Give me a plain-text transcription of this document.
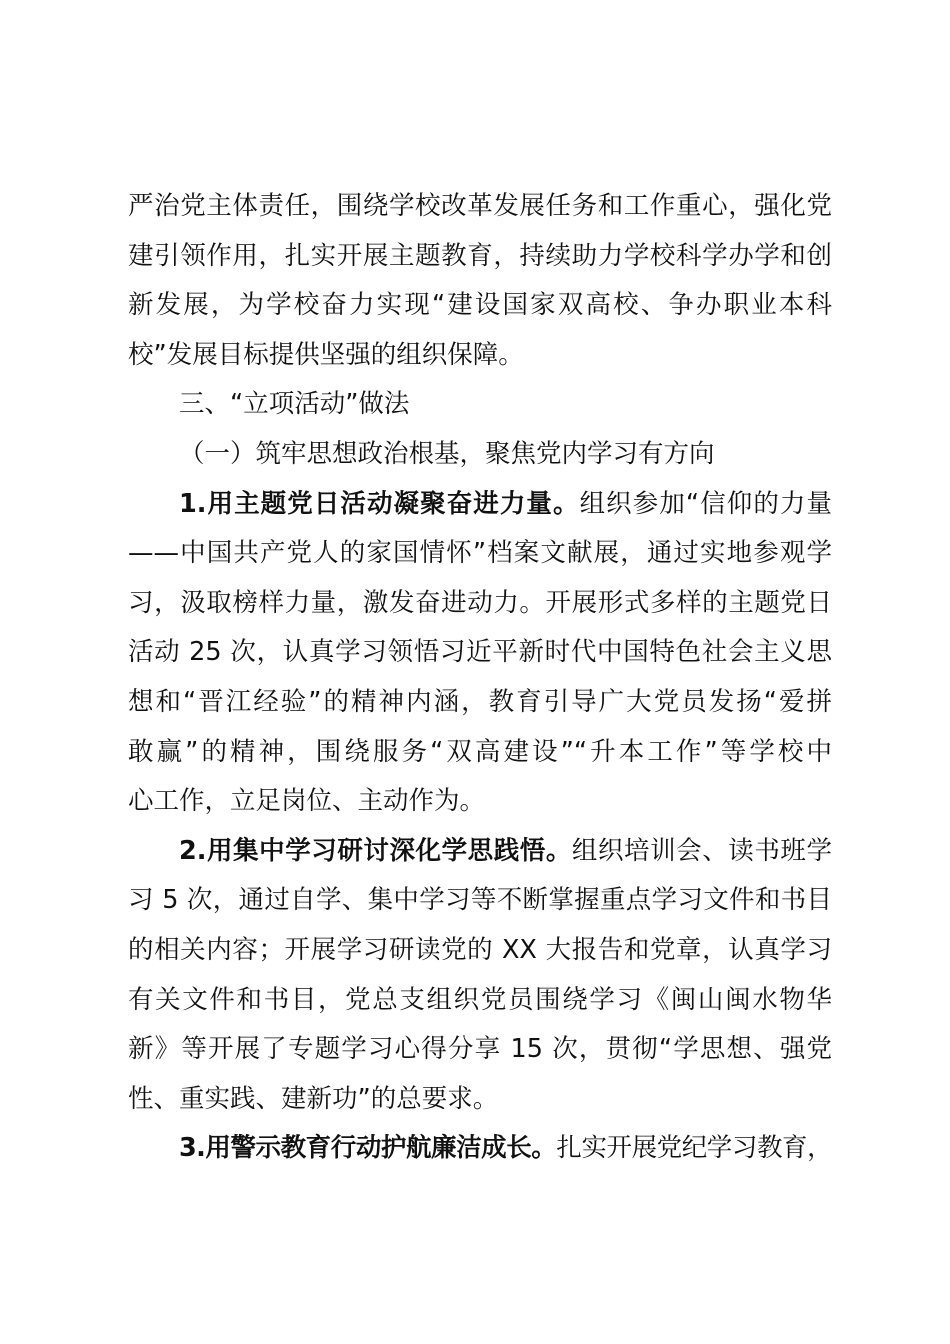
严治党主体责任，围绕学校改革发展任务和工作重心，强化党
建引领作用，扎实开展主题教育，持续助力学校科学办学和创
新发展，为学校奋力实现“建设国家双高校、争办职业本科
校”发展目标提供坚强的组织保障。
三、“立项活动”做法
（一）筑牢思想政治根基，聚焦党内学习有方向
1.用主题党日活动凝聚奋进力量。组织参加“信仰的力量
——中国共产党人的家国情怀”档案文献展，通过实地参观学
习，汲取榜样力量，激发奋进动力。开展形式多样的主题党日
活动 25 次，认真学习领悟习近平新时代中国特色社会主义思
想和“晋江经验”的精神内涵，教育引导广大党员发扬“爱拼
敢赢”的精神，围绕服务“双高建设”“升本工作”等学校中
心工作，立足岗位、主动作为。
2.用集中学习研讨深化学思践悟。组织培训会、读书班学
习 5 次，通过自学、集中学习等不断掌握重点学习文件和书目
的相关内容；开展学习研读党的 XX 大报告和党章，认真学习
有关文件和书目，党总支组织党员围绕学习《闽山闽水物华
新》等开展了专题学习心得分享 15 次，贯彻“学思想、强党
性、重实践、建新功”的总要求。
3.用警示教育行动护航廉洁成长。扎实开展党纪学习教育，
